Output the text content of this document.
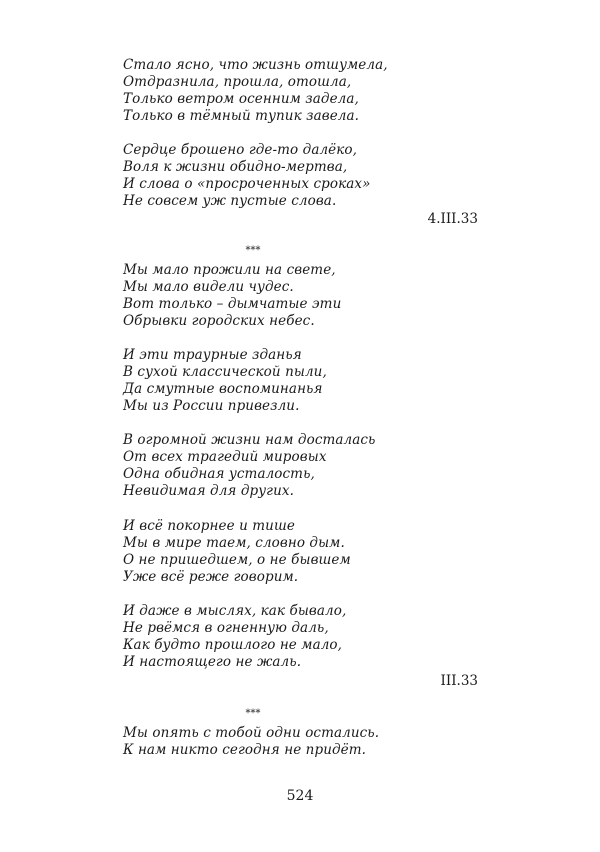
Стало ясно, что жизнь отшумела,
Отдразнила, прошла, отошла,
Только ветром осенним задела,
Только в тёмный тупик завела.
Сердце брошено где-то далёко,
Воля к жизни обидно-мертва,
И слова о «просроченных сроках»
Не совсем уж пустые слова.
4.III.33
***
Мы мало прожили на свете,
Мы мало видели чудес.
Вот только – дымчатые эти
Обрывки городских небес.
И эти траурные зданья
В сухой классической пыли,
Да смутные воспоминанья
Мы из России привезли.
В огромной жизни нам досталась
От всех трагедий мировых
Одна обидная усталость,
Невидимая для других.
И всё покорнее и тише
Мы в мире таем, словно дым.
О не пришедшем, о не бывшем
Уже всё реже говорим.
И даже в мыслях, как бывало,
Не рвёмся в огненную даль,
Как будто прошлого не мало,
И настоящего не жаль.
III.33
***
Мы опять с тобой одни остались.
К нам никто сегодня не придёт.
524
